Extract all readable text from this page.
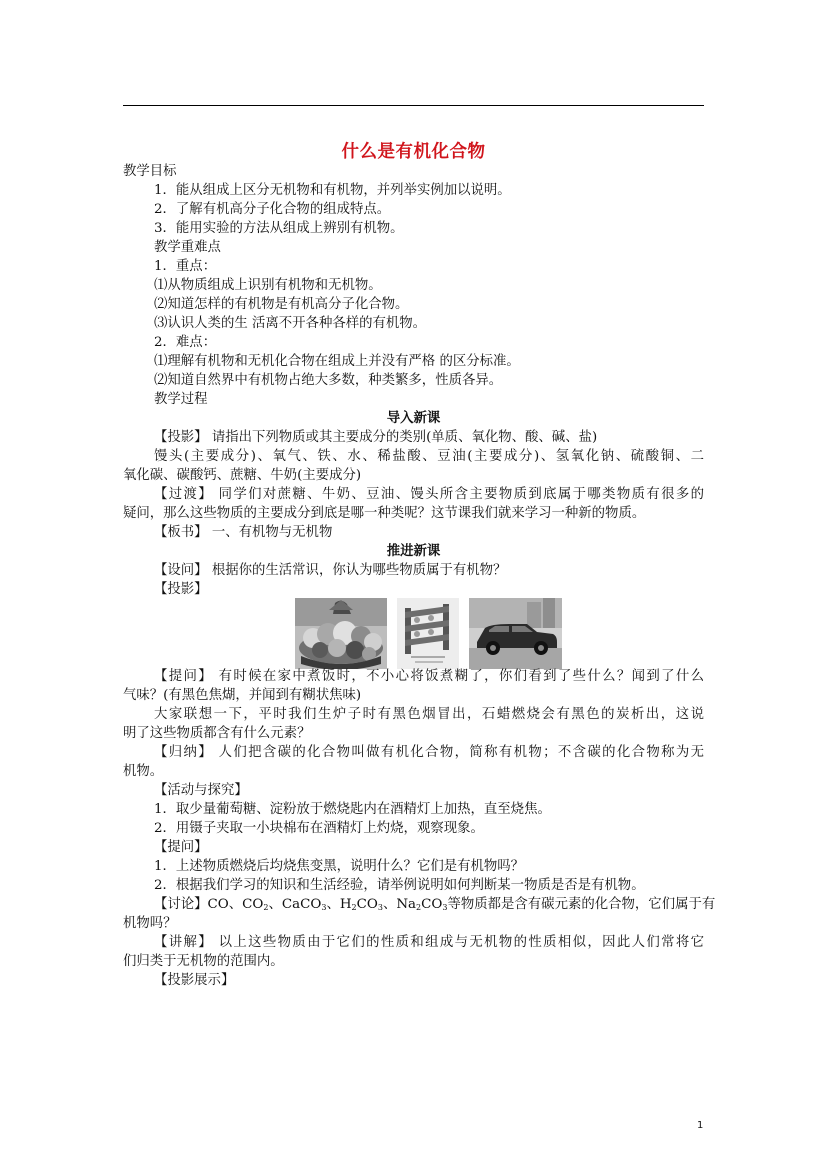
什么是有机化合物
教学目标
1．能从组成上区分无机物和有机物，并列举实例加以说明。
2．了解有机高分子化合物的组成特点。
3．能用实验的方法从组成上辨别有机物。
教学重难点
1．重点：
⑴从物质组成上识别有机物和无机物。
⑵知道怎样的有机物是有机高分子化合物。
⑶认识人类的生 活离不开各种各样的有机物。
2．难点：
⑴理解有机物和无机化合物在组成上并没有严格 的区分标准。
⑵知道自然界中有机物占绝大多数，种类繁多，性质各异。
教学过程
导入新课
【投影】 请指出下列物质或其主要成分的类别(单质、氧化物、酸、碱、盐)
馒头(主要成分)、氧气、铁、水、稀盐酸、豆油(主要成分)、氢氧化钠、硫酸铜、二
氧化碳、碳酸钙、蔗糖、牛奶(主要成分)
【过渡】 同学们对蔗糖、牛奶、豆油、馒头所含主要物质到底属于哪类物质有很多的
疑问，那么这些物质的主要成分到底是哪一种类呢？这节课我们就来学习一种新的物质。
【板书】 一、有机物与无机物
推进新课
【设问】 根据你的生活常识，你认为哪些物质属于有机物？
【投影】
【提问】 有时候在家中煮饭时，不小心将饭煮糊了，你们看到了些什么？闻到了什么
气味？(有黑色焦煳，并闻到有糊状焦味)
大家联想一下，平时我们生炉子时有黑色烟冒出，石蜡燃烧会有黑色的炭析出，这说
明了这些物质都含有什么元素？
【归纳】 人们把含碳的化合物叫做有机化合物，简称有机物；不含碳的化合物称为无
机物。
【活动与探究】
1．取少量葡萄糖、淀粉放于燃烧匙内在酒精灯上加热，直至烧焦。
2．用镊子夹取一小块棉布在酒精灯上灼烧，观察现象。
【提问】
1．上述物质燃烧后均烧焦变黑，说明什么？它们是有机物吗？
2．根据我们学习的知识和生活经验，请举例说明如何判断某一物质是否是有机物。
【讨论】CO、$CO_2$、CaCO$_3$、$H_2CO_3$、$Na_2CO_3$等物质都是含有碳元素的化合物，它们属于有
机物吗？
【讲解】 以上这些物质由于它们的性质和组成与无机物的性质相似，因此人们常将它
们归类于无机物的范围内。
【投影展示】
1
